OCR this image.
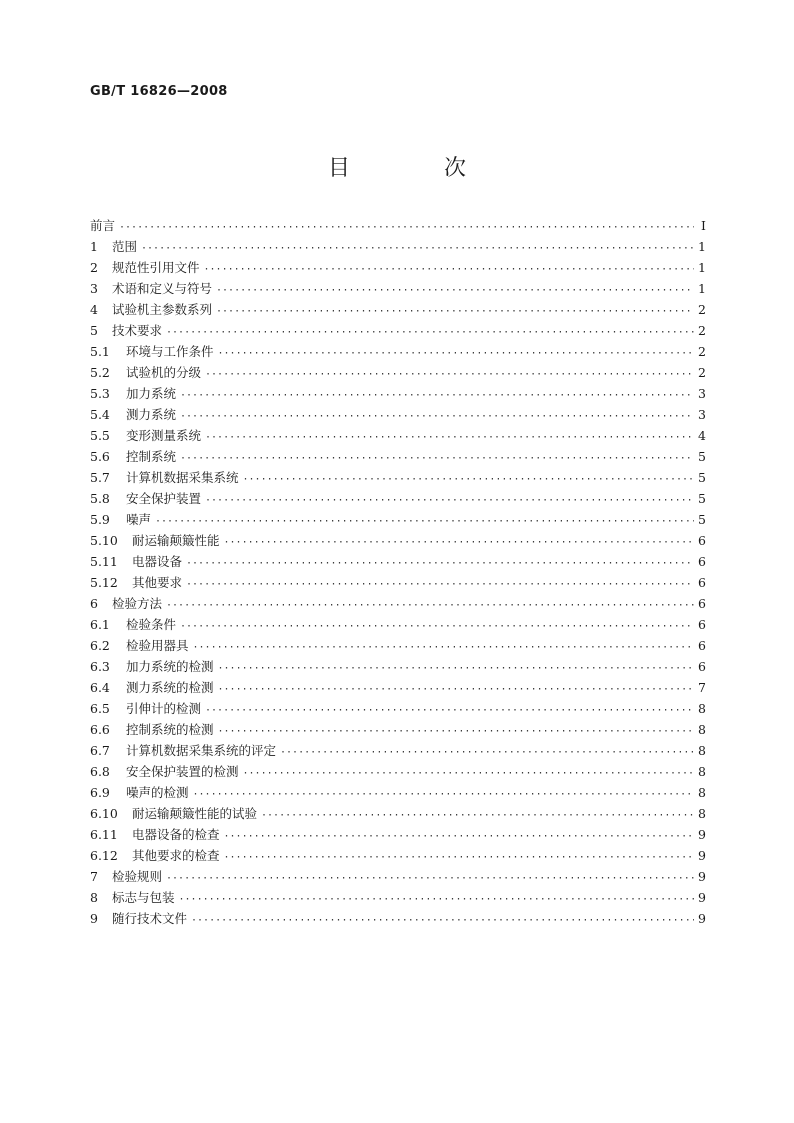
GB/T 16826—2008
目　次
前言 ·····	Ⅰ
1	范围 ·····	1
2	规范性引用文件 ·····	1
3	术语和定义与符号 ·····	1
4	试验机主参数系列 ·····	2
5	技术要求 ·····	2
5.1	环境与工作条件 ·····	2
5.2	试验机的分级 ·····	2
5.3	加力系统 ·····	3
5.4	测力系统 ·····	3
5.5	变形测量系统 ·····	4
5.6	控制系统 ·····	5
5.7	计算机数据采集系统 ·····	5
5.8	安全保护装置 ·····	5
5.9	噪声 ·····	5
5.10	耐运输颠簸性能 ·····	6
5.11	电器设备 ·····	6
5.12	其他要求 ·····	6
6	检验方法 ·····	6
6.1	检验条件 ·····	6
6.2	检验用器具 ·····	6
6.3	加力系统的检测 ·····	6
6.4	测力系统的检测 ·····	7
6.5	引伸计的检测 ·····	8
6.6	控制系统的检测 ·····	8
6.7	计算机数据采集系统的评定 ·····	8
6.8	安全保护装置的检测 ·····	8
6.9	噪声的检测 ·····	8
6.10	耐运输颠簸性能的试验 ·····	8
6.11	电器设备的检查 ·····	9
6.12	其他要求的检查 ·····	9
7	检验规则 ·····	9
8	标志与包装 ·····	9
9	随行技术文件 ·····	9
